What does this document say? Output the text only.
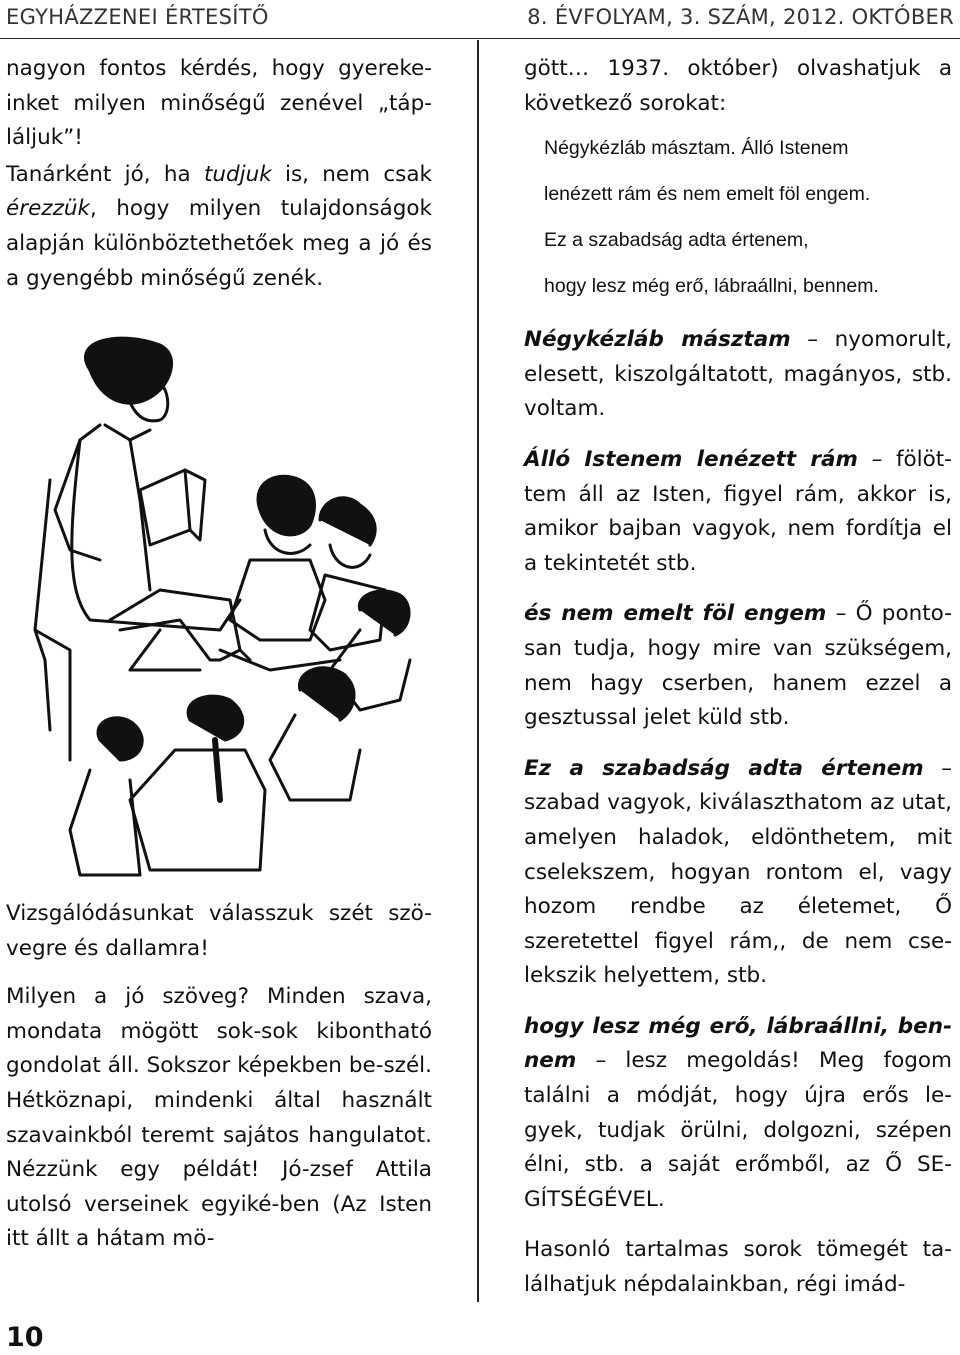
EGYHÁZZENEI ÉRTESÍTŐ	8. ÉVFOLYAM, 3. SZÁM, 2012. OKTÓBER

nagyon fontos kérdés, hogy gyereke-inket milyen minőségű zenével „táp-láljuk”!

Tanárként jó, ha tudjuk is, nem csak érezzük, hogy milyen tulajdonságok alapján különböztethetőek meg a jó és a gyengébb minőségű zenék.

Vizsgálódásunkat válasszuk szét szö-vegre és dallamra!

Milyen a jó szöveg? Minden szava, mondata mögött sok-sok kibontható gondolat áll. Sokszor képekben be-szél. Hétköznapi, mindenki által használt szavainkból teremt sajátos hangulatot. Nézzünk egy példát! Jó-zsef Attila utolsó verseinek egyiké-ben (Az Isten itt állt a hátam mö-

gött… 1937. október) olvashatjuk a következő sorokat:

Négykézláb másztam. Álló Istenem
lenézett rám és nem emelt föl engem.
Ez a szabadság adta értenem,
hogy lesz még erő, lábraállni, bennem.

Négykézláb másztam – nyomorult, elesett, kiszolgáltatott, magányos, stb. voltam.

Álló Istenem lenézett rám – fölöt-tem áll az Isten, figyel rám, akkor is, amikor bajban vagyok, nem fordítja el a tekintetét stb.

és nem emelt föl engem – Ő ponto-san tudja, hogy mire van szükségem, nem hagy cserben, hanem ezzel a gesztussal jelet küld stb.

Ez a szabadság adta értenem – szabad vagyok, kiválaszthatom az utat, amelyen haladok, eldönthetem, mit cselekszem, hogyan rontom el, vagy hozom rendbe az életemet, Ő szeretettel figyel rám,, de nem cse-lekszik helyettem, stb.

hogy lesz még erő, lábraállni, ben-nem – lesz megoldás! Meg fogom találni a módját, hogy újra erős le-gyek, tudjak örülni, dolgozni, szépen élni, stb. a saját erőmből, az Ő SE-GÍTSÉGÉVEL.

Hasonló tartalmas sorok tömegét ta-lálhatjuk népdalainkban, régi imád-

10
